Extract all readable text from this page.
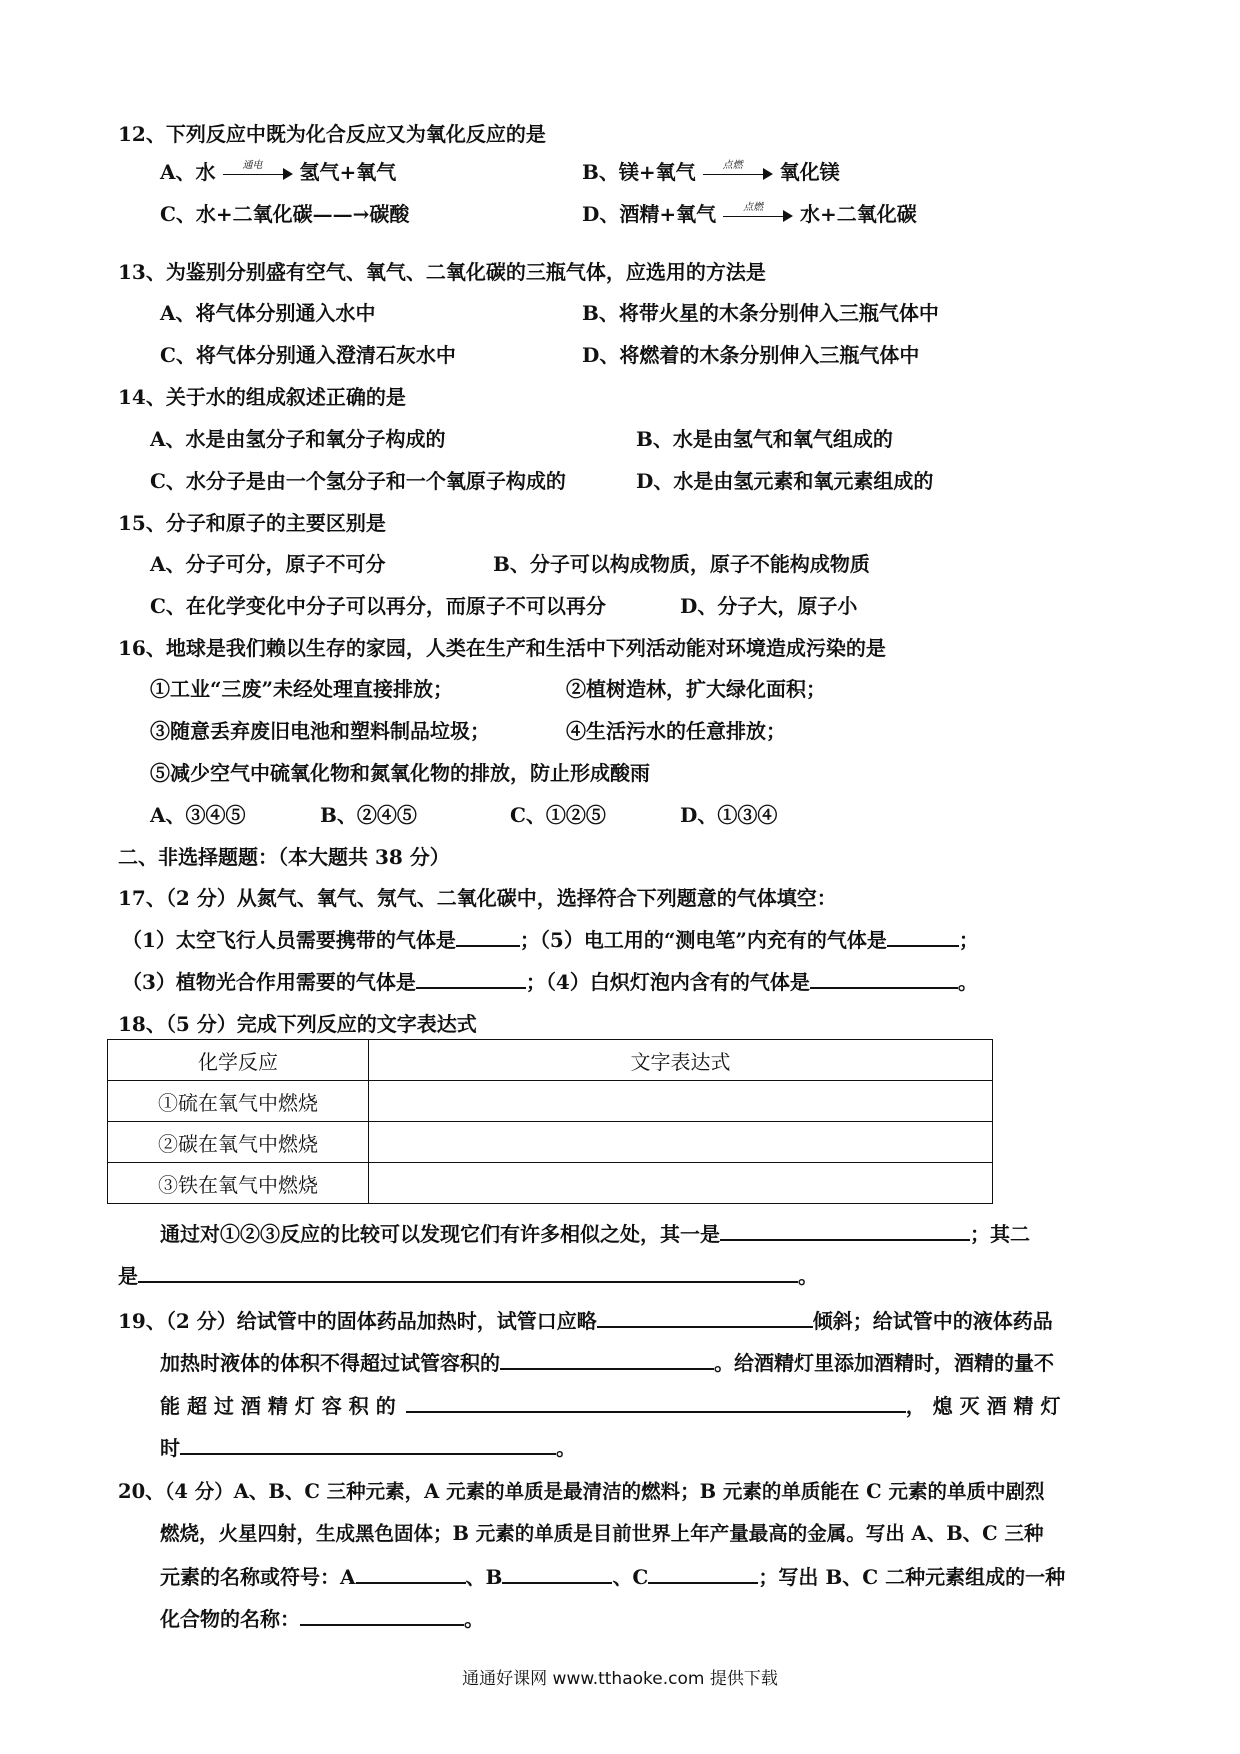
12、下列反应中既为化合反应又为氧化反应的是
A、水	通电	氢气+氧气	B、镁+氧气	点燃	氧化镁
C、水+二氧化碳——→碳酸	D、酒精+氧气	点燃	水+二氧化碳
13、为鉴别分别盛有空气、氧气、二氧化碳的三瓶气体，应选用的方法是
A、将气体分别通入水中	B、将带火星的木条分别伸入三瓶气体中
C、将气体分别通入澄清石灰水中	D、将燃着的木条分别伸入三瓶气体中
14、关于水的组成叙述正确的是
A、水是由氢分子和氧分子构成的	B、水是由氢气和氧气组成的
C、水分子是由一个氢分子和一个氧原子构成的	D、水是由氢元素和氧元素组成的
15、分子和原子的主要区别是
A、分子可分，原子不可分	B、分子可以构成物质，原子不能构成物质
C、在化学变化中分子可以再分，而原子不可以再分	D、分子大，原子小
16、地球是我们赖以生存的家园，人类在生产和生活中下列活动能对环境造成污染的是
①工业“三废”未经处理直接排放；	②植树造林，扩大绿化面积；
③随意丢弃废旧电池和塑料制品垃圾；	④生活污水的任意排放；
⑤减少空气中硫氧化物和氮氧化物的排放，防止形成酸雨
A、③④⑤	B、②④⑤	C、①②⑤	D、①③④
二、非选择题题：（本大题共 38 分）
17、（2 分）从氮气、氧气、氖气、二氧化碳中，选择符合下列题意的气体填空：
（1）太空飞行人员需要携带的气体是	；（5）电工用的“测电笔”内充有的气体是	；
（3）植物光合作用需要的气体是	；（4）白炽灯泡内含有的气体是	。
18、（5 分）完成下列反应的文字表达式
化学反应	文字表达式
①硫在氧气中燃烧	
②碳在氧气中燃烧	
③铁在氧气中燃烧	
通过对①②③反应的比较可以发现它们有许多相似之处，其一是	；其二
是	。
19、（2 分）给试管中的固体药品加热时，试管口应略	倾斜；给试管中的液体药品
加热时液体的体积不得超过试管容积的	。给酒精灯里添加酒精时，酒精的量不
能 超 过 酒 精 灯 容 积 的	， 熄 灭 酒 精 灯
时	。
20、（4 分）A、B、C 三种元素，A 元素的单质是最清洁的燃料；B 元素的单质能在 C 元素的单质中剧烈
燃烧，火星四射，生成黑色固体；B 元素的单质是目前世界上年产量最高的金属。写出 A、B、C 三种
元素的名称或符号：A	、B	、C	；写出 B、C 二种元素组成的一种
化合物的名称：	。
通通好课网 www.tthaoke.com 提供下载
